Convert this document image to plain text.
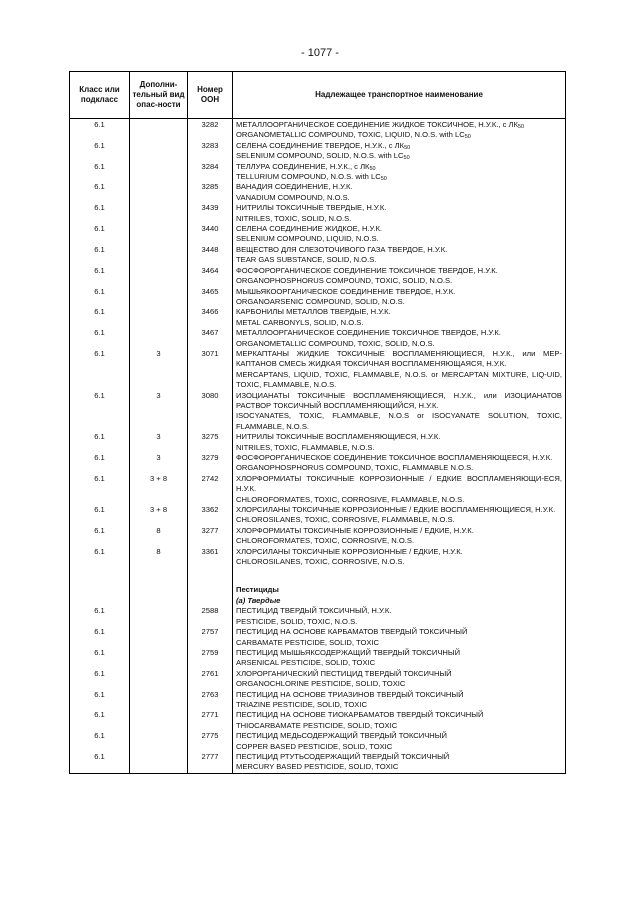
- 1077 -
Класс или подкласс	Дополни-тельный вид опас-ности	Номер ООН	Надлежащее транспортное наименование
6.1		3282	МЕТАЛЛООРГАНИЧЕСКОЕ СОЕДИНЕНИЕ ЖИДКОЕ ТОКСИЧНОЕ, Н.У.К., с $ЛК_{50}$
ORGANOMETALLIC COMPOUND, TOXIC, LIQUID, N.O.S. with $LC_{50}$

6.1		3283	СЕЛЕНА СОЕДИНЕНИЕ ТВЕРДОЕ, Н.У.К., с $ЛК_{50}$
SELENIUM COMPOUND, SOLID, N.O.S. with $LC_{50}$

6.1		3284	ТЕЛЛУРА СОЕДИНЕНИЕ, Н.У.К., с $ЛК_{50}$
TELLURIUM COMPOUND, N.O.S. with $LC_{50}$

6.1		3285	ВАНАДИЯ СОЕДИНЕНИЕ, Н.У.К.
VANADIUM COMPOUND, N.O.S.

6.1		3439	НИТРИЛЫ ТОКСИЧНЫЕ ТВЕРДЫЕ, Н.У.К.
NITRILES, TOXIC, SOLID, N.O.S.

6.1		3440	СЕЛЕНА СОЕДИНЕНИЕ ЖИДКОЕ, Н.У.К.
SELENIUM COMPOUND, LIQUID, N.O.S.

6.1		3448	ВЕЩЕСТВО ДЛЯ СЛЕЗОТОЧИВОГО ГАЗА ТВЕРДОЕ, Н.У.К.
TEAR GAS SUBSTANCE, SOLID, N.O.S.

6.1		3464	ФОСФОРОРГАНИЧЕСКОЕ СОЕДИНЕНИЕ ТОКСИЧНОЕ ТВЕРДОЕ, Н.У.К.
ORGANOPHOSPHORUS COMPOUND, TOXIC, SOLID, N.O.S.

6.1		3465	МЫШЬЯКООРГАНИЧЕСКОЕ СОЕДИНЕНИЕ ТВЕРДОЕ, Н.У.К.
ORGANOARSENIC COMPOUND, SOLID, N.O.S.

6.1		3466	КАРБОНИЛЫ МЕТАЛЛОВ ТВЕРДЫЕ, Н.У.К.
METAL CARBONYLS, SOLID, N.O.S.

6.1		3467	МЕТАЛЛООРГАНИЧЕСКОЕ СОЕДИНЕНИЕ ТОКСИЧНОЕ ТВЕРДОЕ, Н.У.К.
ORGANOMETALLIC COMPOUND, TOXIC, SOLID, N.O.S.

6.1	3	3071	МЕРКАПТАНЫ ЖИДКИЕ ТОКСИЧНЫЕ ВОСПЛАМЕНЯЮЩИЕСЯ, Н.У.К., или МЕР-КАПТАНОВ СМЕСЬ ЖИДКАЯ ТОКСИЧНАЯ ВОСПЛАМЕНЯЮЩАЯСЯ, Н.У.К.
MERCAPTANS, LIQUID, TOXIC, FLAMMABLE, N.O.S. or MERCAPTAN MIXTURE, LIQ-UID, TOXIC, FLAMMABLE, N.O.S.

6.1	3	3080	ИЗОЦИАНАТЫ ТОКСИЧНЫЕ ВОСПЛАМЕНЯЮЩИЕСЯ, Н.У.К., или ИЗОЦИАНАТОВ РАСТВОР ТОКСИЧНЫЙ ВОСПЛАМЕНЯЮЩИЙСЯ, Н.У.К.
ISOCYANATES, TOXIC, FLAMMABLE, N.O.S or ISOCYANATE SOLUTION, TOXIC, FLAMMABLE, N.O.S.

6.1	3	3275	НИТРИЛЫ ТОКСИЧНЫЕ ВОСПЛАМЕНЯЮЩИЕСЯ, Н.У.К.
NITRILES, TOXIC, FLAMMABLE, N.O.S.

6.1	3	3279	ФОСФОРОРГАНИЧЕСКОЕ СОЕДИНЕНИЕ ТОКСИЧНОЕ ВОСПЛАМЕНЯЮЩЕЕСЯ, Н.У.К.
ORGANOPHOSPHORUS COMPOUND, TOXIC, FLAMMABLE N.O.S.

6.1	3 + 8	2742	ХЛОРФОРМИАТЫ ТОКСИЧНЫЕ КОРРОЗИОННЫЕ / ЕДКИЕ ВОСПЛАМЕНЯЮЩИ-ЕСЯ, Н.У.К.
CHLOROFORMATES, TOXIC, CORROSIVE, FLAMMABLE, N.O.S.

6.1	3 + 8	3362	ХЛОРСИЛАНЫ ТОКСИЧНЫЕ КОРРОЗИОННЫЕ / ЕДКИЕ ВОСПЛАМЕНЯЮЩИЕСЯ, Н.У.К.
CHLOROSILANES, TOXIC, CORROSIVE, FLAMMABLE, N.O.S.

6.1	8	3277	ХЛОРФОРМИАТЫ ТОКСИЧНЫЕ КОРРОЗИОННЫЕ / ЕДКИЕ, Н.У.К.
CHLOROFORMATES, TOXIC, CORROSIVE, N.O.S.

6.1	8	3361	ХЛОРСИЛАНЫ ТОКСИЧНЫЕ КОРРОЗИОННЫЕ / ЕДКИЕ, Н.У.К.
CHLOROSILANES, TOXIC, CORROSIVE, N.O.S.

			Пестициды
(а) Твердые

6.1		2588	ПЕСТИЦИД ТВЕРДЫЙ ТОКСИЧНЫЙ, Н.У.К.
PESTICIDE, SOLID, TOXIC, N.O.S.

6.1		2757	ПЕСТИЦИД НА ОСНОВЕ КАРБАМАТОВ ТВЕРДЫЙ ТОКСИЧНЫЙ
CARBAMATE PESTICIDE, SOLID, TOXIC

6.1		2759	ПЕСТИЦИД МЫШЬЯКСОДЕРЖАЩИЙ ТВЕРДЫЙ ТОКСИЧНЫЙ
ARSENICAL PESTICIDE, SOLID, TOXIC

6.1		2761	ХЛОРОРГАНИЧЕСКИЙ ПЕСТИЦИД ТВЕРДЫЙ ТОКСИЧНЫЙ
ORGANOCHLORINE PESTICIDE, SOLID, TOXIC

6.1		2763	ПЕСТИЦИД НА ОСНОВЕ ТРИАЗИНОВ ТВЕРДЫЙ ТОКСИЧНЫЙ
TRIAZINE PESTICIDE, SOLID, TOXIC

6.1		2771	ПЕСТИЦИД НА ОСНОВЕ ТИОКАРБАМАТОВ ТВЕРДЫЙ ТОКСИЧНЫЙ
THIOCARBAMATE PESTICIDE, SOLID, TOXIC

6.1		2775	ПЕСТИЦИД МЕДЬСОДЕРЖАЩИЙ ТВЕРДЫЙ ТОКСИЧНЫЙ
COPPER BASED PESTICIDE, SOLID, TOXIC

6.1		2777	ПЕСТИЦИД РТУТЬСОДЕРЖАЩИЙ ТВЕРДЫЙ ТОКСИЧНЫЙ
MERCURY BASED PESTICIDE, SOLID, TOXIC
